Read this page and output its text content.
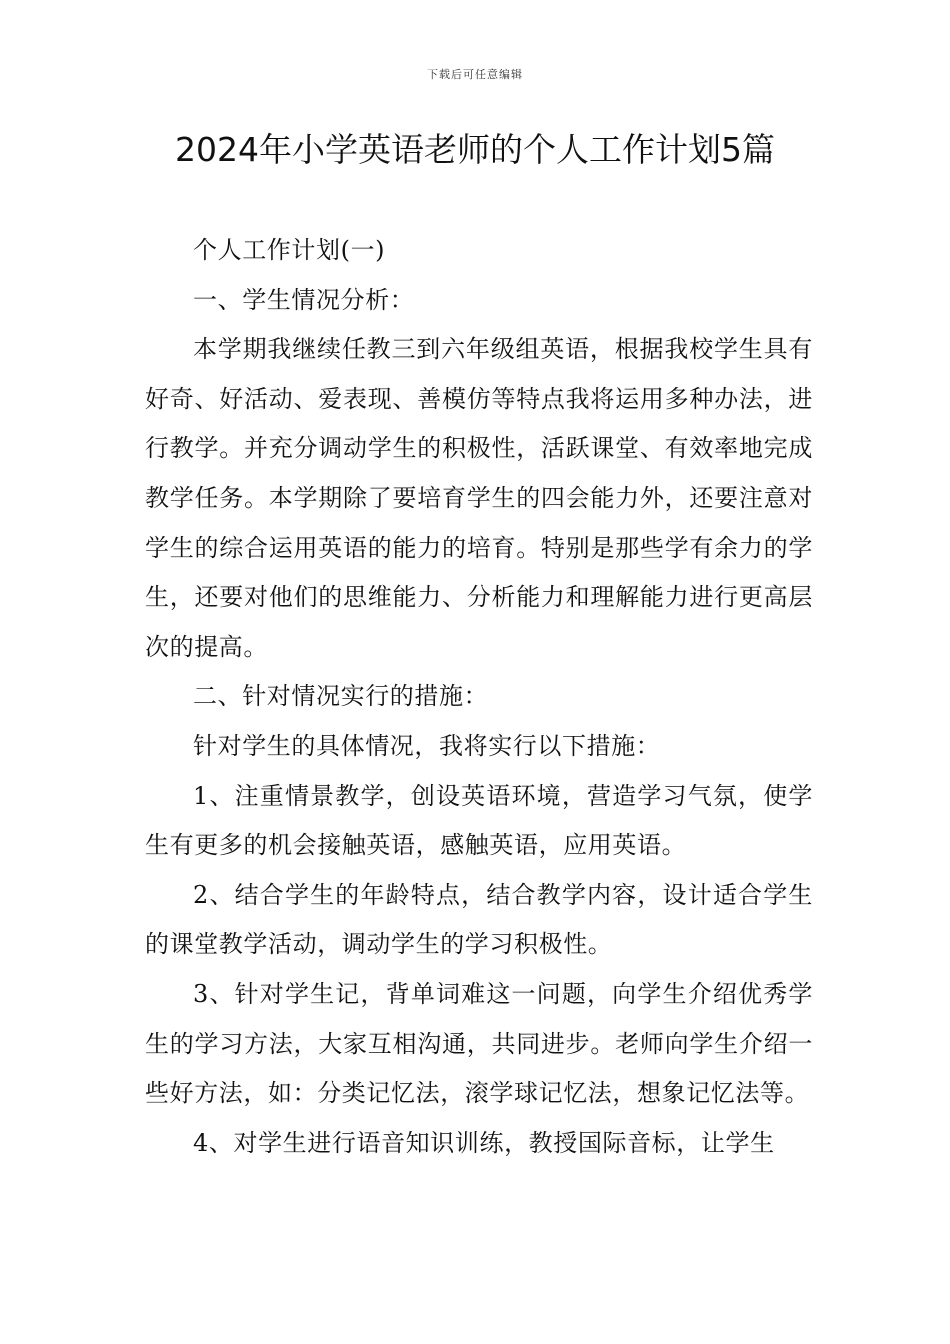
下载后可任意编辑
2024年小学英语老师的个人工作计划5篇

个人工作计划(一)

一、学生情况分析：

本学期我继续任教三到六年级组英语，根据我校学生具有好奇、好活动、爱表现、善模仿等特点我将运用多种办法，进行教学。并充分调动学生的积极性，活跃课堂、有效率地完成教学任务。本学期除了要培育学生的四会能力外，还要注意对学生的综合运用英语的能力的培育。特别是那些学有余力的学生，还要对他们的思维能力、分析能力和理解能力进行更高层次的提高。

二、针对情况实行的措施：

针对学生的具体情况，我将实行以下措施：

1、注重情景教学，创设英语环境，营造学习气氛，使学生有更多的机会接触英语，感触英语，应用英语。

2、结合学生的年龄特点，结合教学内容，设计适合学生的课堂教学活动，调动学生的学习积极性。

3、针对学生记，背单词难这一问题，向学生介绍优秀学生的学习方法，大家互相沟通，共同进步。老师向学生介绍一些好方法，如：分类记忆法，滚学球记忆法，想象记忆法等。

4、对学生进行语音知识训练，教授国际音标，让学生
